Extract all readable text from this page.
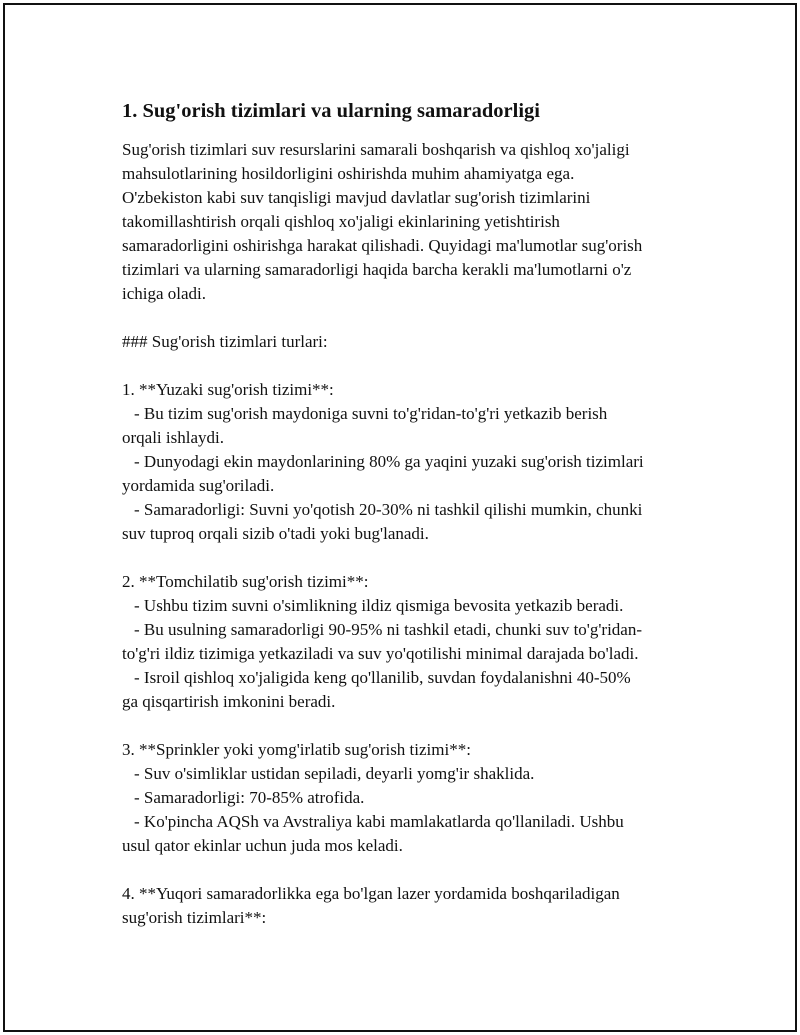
1. Sug'orish tizimlari va ularning samaradorligi

Sug'orish tizimlari suv resurslarini samarali boshqarish va qishloq xo'jaligi
mahsulotlarining hosildorligini oshirishda muhim ahamiyatga ega.
O'zbekiston kabi suv tanqisligi mavjud davlatlar sug'orish tizimlarini
takomillashtirish orqali qishloq xo'jaligi ekinlarining yetishtirish
samaradorligini oshirishga harakat qilishadi. Quyidagi ma'lumotlar sug'orish
tizimlari va ularning samaradorligi haqida barcha kerakli ma'lumotlarni o'z
ichiga oladi.

### Sug'orish tizimlari turlari:

1. **Yuzaki sug'orish tizimi**:
- Bu tizim sug'orish maydoniga suvni to'g'ridan-to'g'ri yetkazib berish
orqali ishlaydi.
- Dunyodagi ekin maydonlarining 80% ga yaqini yuzaki sug'orish tizimlari
yordamida sug'oriladi.
- Samaradorligi: Suvni yo'qotish 20-30% ni tashkil qilishi mumkin, chunki
suv tuproq orqali sizib o'tadi yoki bug'lanadi.
2. **Tomchilatib sug'orish tizimi**:
- Ushbu tizim suvni o'simlikning ildiz qismiga bevosita yetkazib beradi.
- Bu usulning samaradorligi 90-95% ni tashkil etadi, chunki suv to'g'ridan-
to'g'ri ildiz tizimiga yetkaziladi va suv yo'qotilishi minimal darajada bo'ladi.
- Isroil qishloq xo'jaligida keng qo'llanilib, suvdan foydalanishni 40-50%
ga qisqartirish imkonini beradi.
3. **Sprinkler yoki yomg'irlatib sug'orish tizimi**:
- Suv o'simliklar ustidan sepiladi, deyarli yomg'ir shaklida.
- Samaradorligi: 70-85% atrofida.
- Ko'pincha AQSh va Avstraliya kabi mamlakatlarda qo'llaniladi. Ushbu
usul qator ekinlar uchun juda mos keladi.
4. **Yuqori samaradorlikka ega bo'lgan lazer yordamida boshqariladigan
sug'orish tizimlari**:
